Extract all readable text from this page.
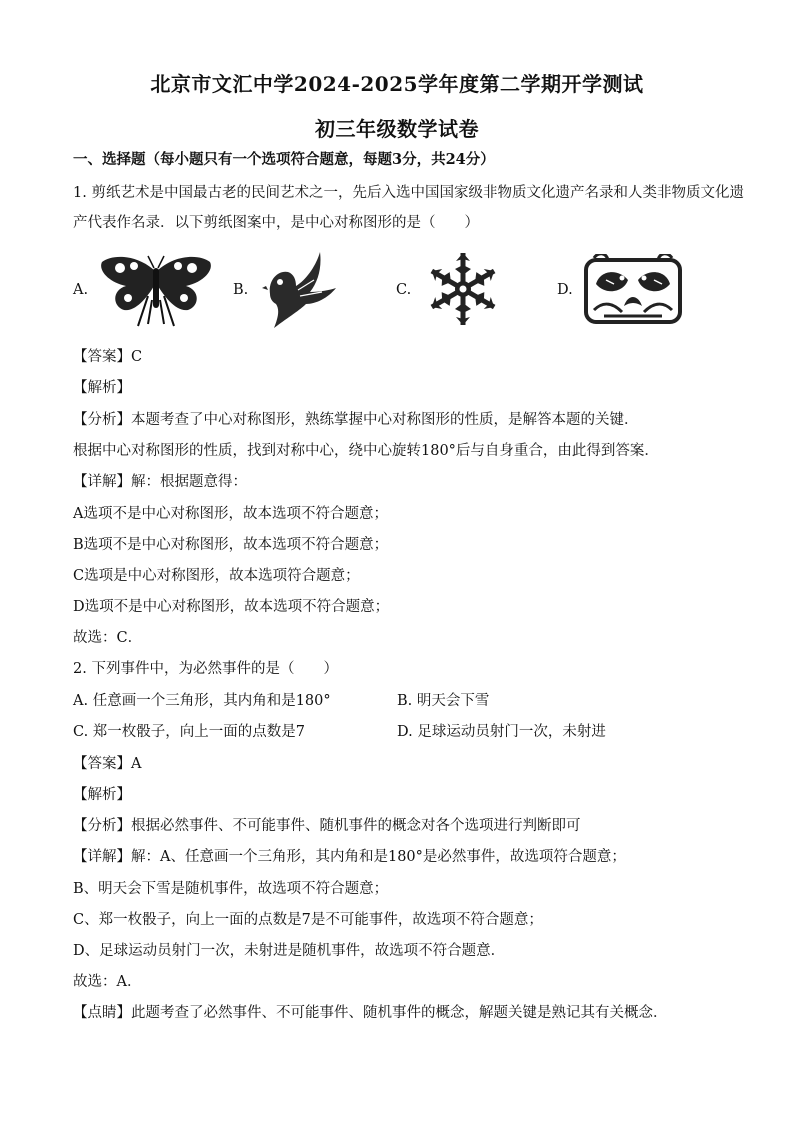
北京市文汇中学2024-2025学年度第二学期开学测试
初三年级数学试卷
一、选择题（每小题只有一个选项符合题意，每题3分，共24分）
1. 剪纸艺术是中国最古老的民间艺术之一，先后入选中国国家级非物质文化遗产名录和人类非物质文化遗
产代表作名录．以下剪纸图案中，是中心对称图形的是（　　）
A.	B.	C.	D.
【答案】C
【解析】
【分析】本题考查了中心对称图形，熟练掌握中心对称图形的性质，是解答本题的关键．
根据中心对称图形的性质，找到对称中心，绕中心旋转180°后与自身重合，由此得到答案．
【详解】解：根据题意得：
A选项不是中心对称图形，故本选项不符合题意；
B选项不是中心对称图形，故本选项不符合题意；
C选项是中心对称图形，故本选项符合题意；
D选项不是中心对称图形，故本选项不符合题意；
故选：C．
2. 下列事件中，为必然事件的是（　　）
A. 任意画一个三角形，其内角和是180°	B. 明天会下雪
C. 郑一枚骰子，向上一面的点数是7	D. 足球运动员射门一次，未射进
【答案】A
【解析】
【分析】根据必然事件、不可能事件、随机事件的概念对各个选项进行判断即可
【详解】解：A、任意画一个三角形，其内角和是180°是必然事件，故选项符合题意；
B、明天会下雪是随机事件，故选项不符合题意；
C、郑一枚骰子，向上一面的点数是7是不可能事件，故选项不符合题意；
D、足球运动员射门一次，未射进是随机事件，故选项不符合题意．
故选：A．
【点睛】此题考查了必然事件、不可能事件、随机事件的概念，解题关键是熟记其有关概念．
